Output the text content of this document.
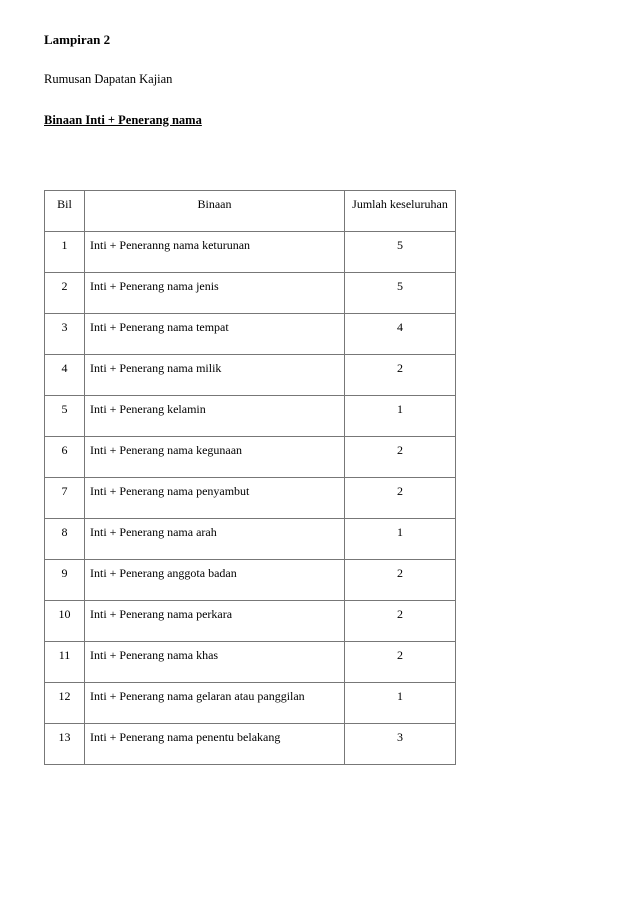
Lampiran 2
Rumusan Dapatan Kajian
Binaan Inti + Penerang nama
Bil	Binaan	Jumlah keseluruhan

1	Inti + Peneranng nama keturunan	5

2	Inti + Penerang nama jenis	5

3	Inti + Penerang nama tempat	4

4	Inti + Penerang nama milik	2

5	Inti + Penerang kelamin	1

6	Inti + Penerang nama kegunaan	2

7	Inti + Penerang nama penyambut	2

8	Inti + Penerang nama arah	1

9	Inti + Penerang anggota badan	2

10	Inti + Penerang nama perkara	2

11	Inti + Penerang nama khas	2

12	Inti + Penerang nama gelaran atau panggilan	1

13	Inti + Penerang nama penentu belakang	3
